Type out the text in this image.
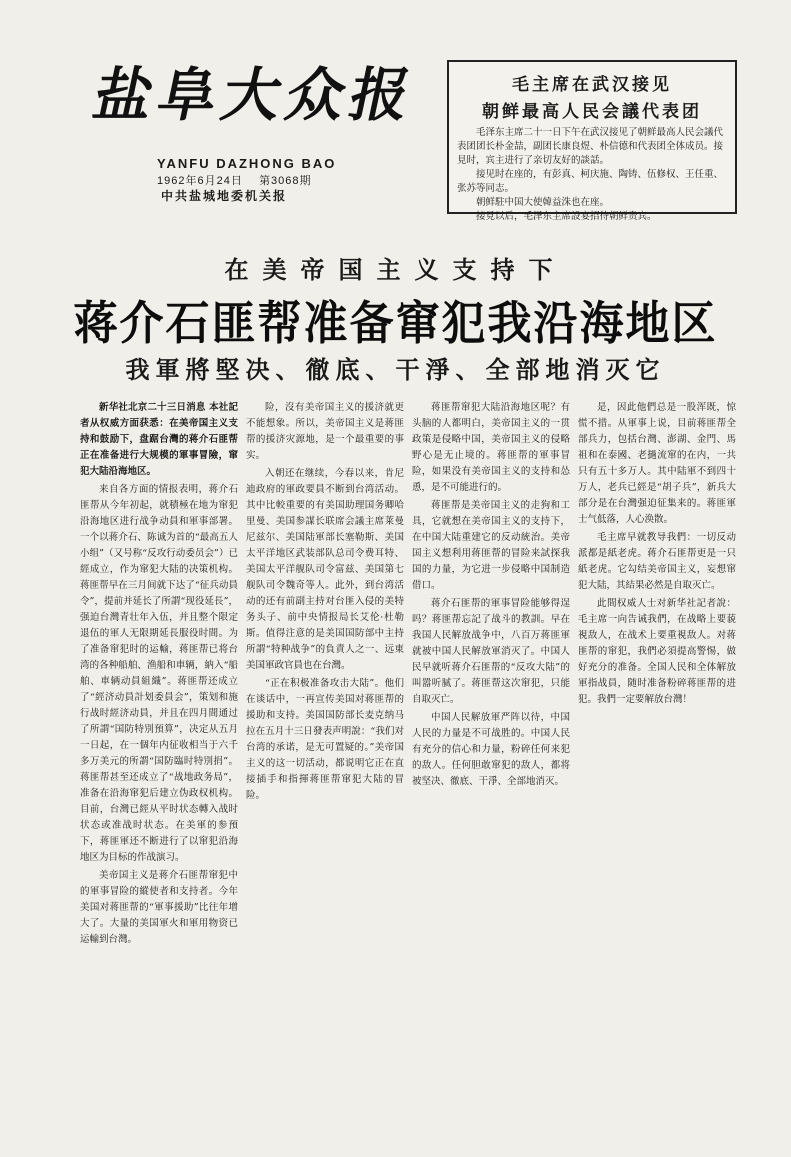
盐阜大众报
YANFU DAZHONG BAO
1962年6月24日 第3068期
中共盐城地委机关报
毛主席在武汉接见
朝鲜最高人民会議代表团

毛泽东主席二十一日下午在武汉接见了朝鲜最高人民会議代表团团长朴金喆，副团长康良煜、朴信德和代表团全体成员。接見时，宾主进行了亲切友好的談話。

接见时在座的，有彭真、柯庆施、陶铸、伍修权、王任重、张苏等同志。

朝鲜駐中国大使韓益洙也在座。

接見以后，毛泽东主席設宴招待朝鲜贵宾。

在美帝国主义支持下
蒋介石匪帮准备窜犯我沿海地区
我軍將堅决、徹底、干淨、全部地消灭它

新华社北京二十三日消息 本社記者从权威方面获悉：在美帝国主义支持和鼓励下，盘踞台灣的蒋介石匪帮正在准备进行大规模的軍事冒險，窜犯大陆沿海地区。

来自各方面的情报表明，蒋介石匪帮从今年初起，就積極在地为窜犯沿海地区进行战争动員和軍事部署。一个以蒋介石、陈诚为首的“最高五人小组”（又号称“反攻行动委员会”）已經成立，作为窜犯大陆的决策机构。蒋匪帮早在三月间就下达了“征兵动員令”，提前并延长了所謂“现役延長”，强迫台灣青壮年入伍，并且整个限定退伍的軍人无限期延長服役时間。为了准备窜犯时的运輸，蒋匪帮已将台湾的各种船舶、渔船和車辆，納入“船舶、車辆动員組織”。蒋匪帮还成立了“經济动員計划委員会”，策划和施行战时經济动員，并且在四月間通过了所謂“国防特別預算”，决定从五月一日起，在一個年内征收相当于六千多万美元的所謂“国防臨时特別捐”。蒋匪帮甚至还成立了“战地政务局”，准备在沿海窜犯后建立伪政权机构。目前，台灣已經从平时状态轉入战时状态或准战时状态。在美軍的参預下，蒋匪軍还不断进行了以窜犯沿海地区为目标的作战演习。

美帝国主义是蒋介石匪帮窜犯中的軍事冒险的縱使者和支持者。今年美国对蒋匪帮的“軍事援助”比往年增大了。大量的美国軍火和軍用物资已运輸到台灣。

险，沒有美帝国主义的援济就更不能想象。所以，美帝国主义是蒋匪帮的援济灾源地，是一个最重要的事实。

入朝还在继续，今春以来，肯尼迪政府的軍政要員不断到台湾活动。其中比較重要的有美国助理国务卿哈里曼、美国参謀长联席会議主席莱曼尼兹尔、美国陆軍部长塞勒斯、美国太平洋地区武装部队总司令费耳特、美国太平洋舰队司令富兹、美国第七舰队司令魏奇等人。此外，到台湾活动的还有前副主持对台匪入侵的美特务头子、前中央情报局长艾伦·杜勒斯。值得注意的是美国国防部中主持所謂“特种战争”的負責人之一、远東美国軍政官員也在台灣。

“正在积极准备攻击大陆”。他们在谈话中，一再宣传美国对蒋匪帮的援助和支持。美国国防部长麦克纳马拉在五月十三日發表声明說：“我们对台湾的承诺，是无可置疑的。”美帝国主义的这一切活动，都说明它正在直接插手和指揮蒋匪帮窜犯大陆的冒险。

蒋匪帮窜犯大陆沿海地区呢？有头脑的人都明白，美帝国主义的一贯政策是侵略中国，美帝国主义的侵略野心是无止境的。蒋匪帮的軍事冒险，如果没有美帝国主义的支持和怂恿，是不可能进行的。

蒋匪帮是美帝国主义的走狗和工具，它就想在美帝国主义的支持下，在中国大陆重建它的反动統治。美帝国主义想利用蒋匪帮的冒险来試探我国的力量，为它进一步侵略中国制造借口。

蒋介石匪帮的軍事冒险能够得逞吗？蒋匪帮忘記了战斗的教訓。早在我国人民解放战争中，八百万蒋匪軍就被中国人民解放軍消灭了。中国人民早就听蒋介石匪帮的“反攻大陆”的叫嚣听腻了。蒋匪帮这次窜犯，只能自取灭亡。

中国人民解放軍严阵以待，中国人民的力量是不可战胜的。中国人民有充分的信心和力量，粉碎任何来犯的敌人。任何胆敢窜犯的敌人，都将被坚决、徹底、干淨、全部地消灭。

是，因此他們总是一股浑既，惊慌不措。从軍事上说，目前蒋匪帮全部兵力，包括台灣、澎湖、金門、馬祖和在泰國、老撾流窜的在内，一共只有五十多万人。其中陆軍不到四十万人，老兵已經是“胡子兵”，新兵大部分是在台灣强迫征集来的。蒋匪軍士气低落，人心涣散。

毛主席早就教导我們：一切反动派都是紙老虎。蒋介石匪帮更是一只紙老虎。它勾结美帝国主义，妄想窜犯大陆，其結果必然是自取灭亡。

此間权威人士对新华社記者說：毛主席一向告诫我們，在战略上要藐視敌人，在战术上要重視敌人。对蒋匪帮的窜犯，我們必須提高警惕，做好充分的准备。全国人民和全体解放軍指战員，随时准备粉碎蒋匪帮的进犯。我們一定要解放台灣！
